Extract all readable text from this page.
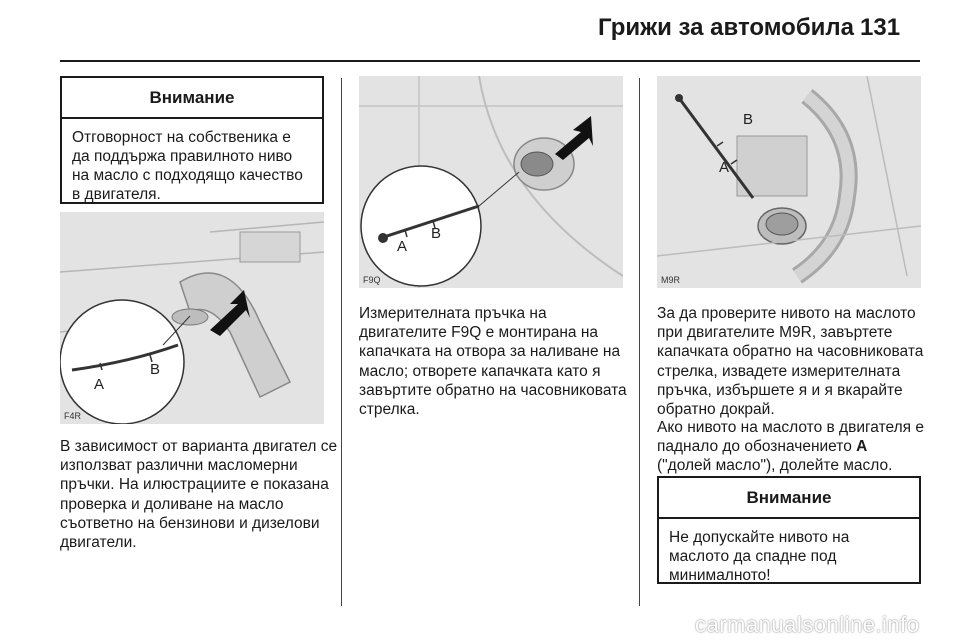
Грижи за автомобила 131
Внимание
Отговорност на собственика е да поддържа правилното ниво на масло с подходящо качество в двигателя.
A
B
F4R
В зависимост от варианта двигател се използват различни масломерни пръчки. На илюстрациите е показана проверка и доливане на масло съответно на бензинови и дизелови двигатели.
A
B
F9Q
Измерителната пръчка на двигателите F9Q е монтирана на капачката на отвора за наливане на масло; отворете капачката като я завъртите обратно на часовниковата стрелка.
A
B
M9R
За да проверите нивото на маслото при двигателите M9R, завъртете капачката обратно на часовниковата стрелка, извадете измерителната пръчка, избършете я и я вкарайте обратно докрай.
Ако нивото на маслото в двигателя е паднало до обозначението A ("долей масло"), долейте масло.
Внимание
Не допускайте нивото на маслото да спадне под минималното!
carmanualsonline.info
